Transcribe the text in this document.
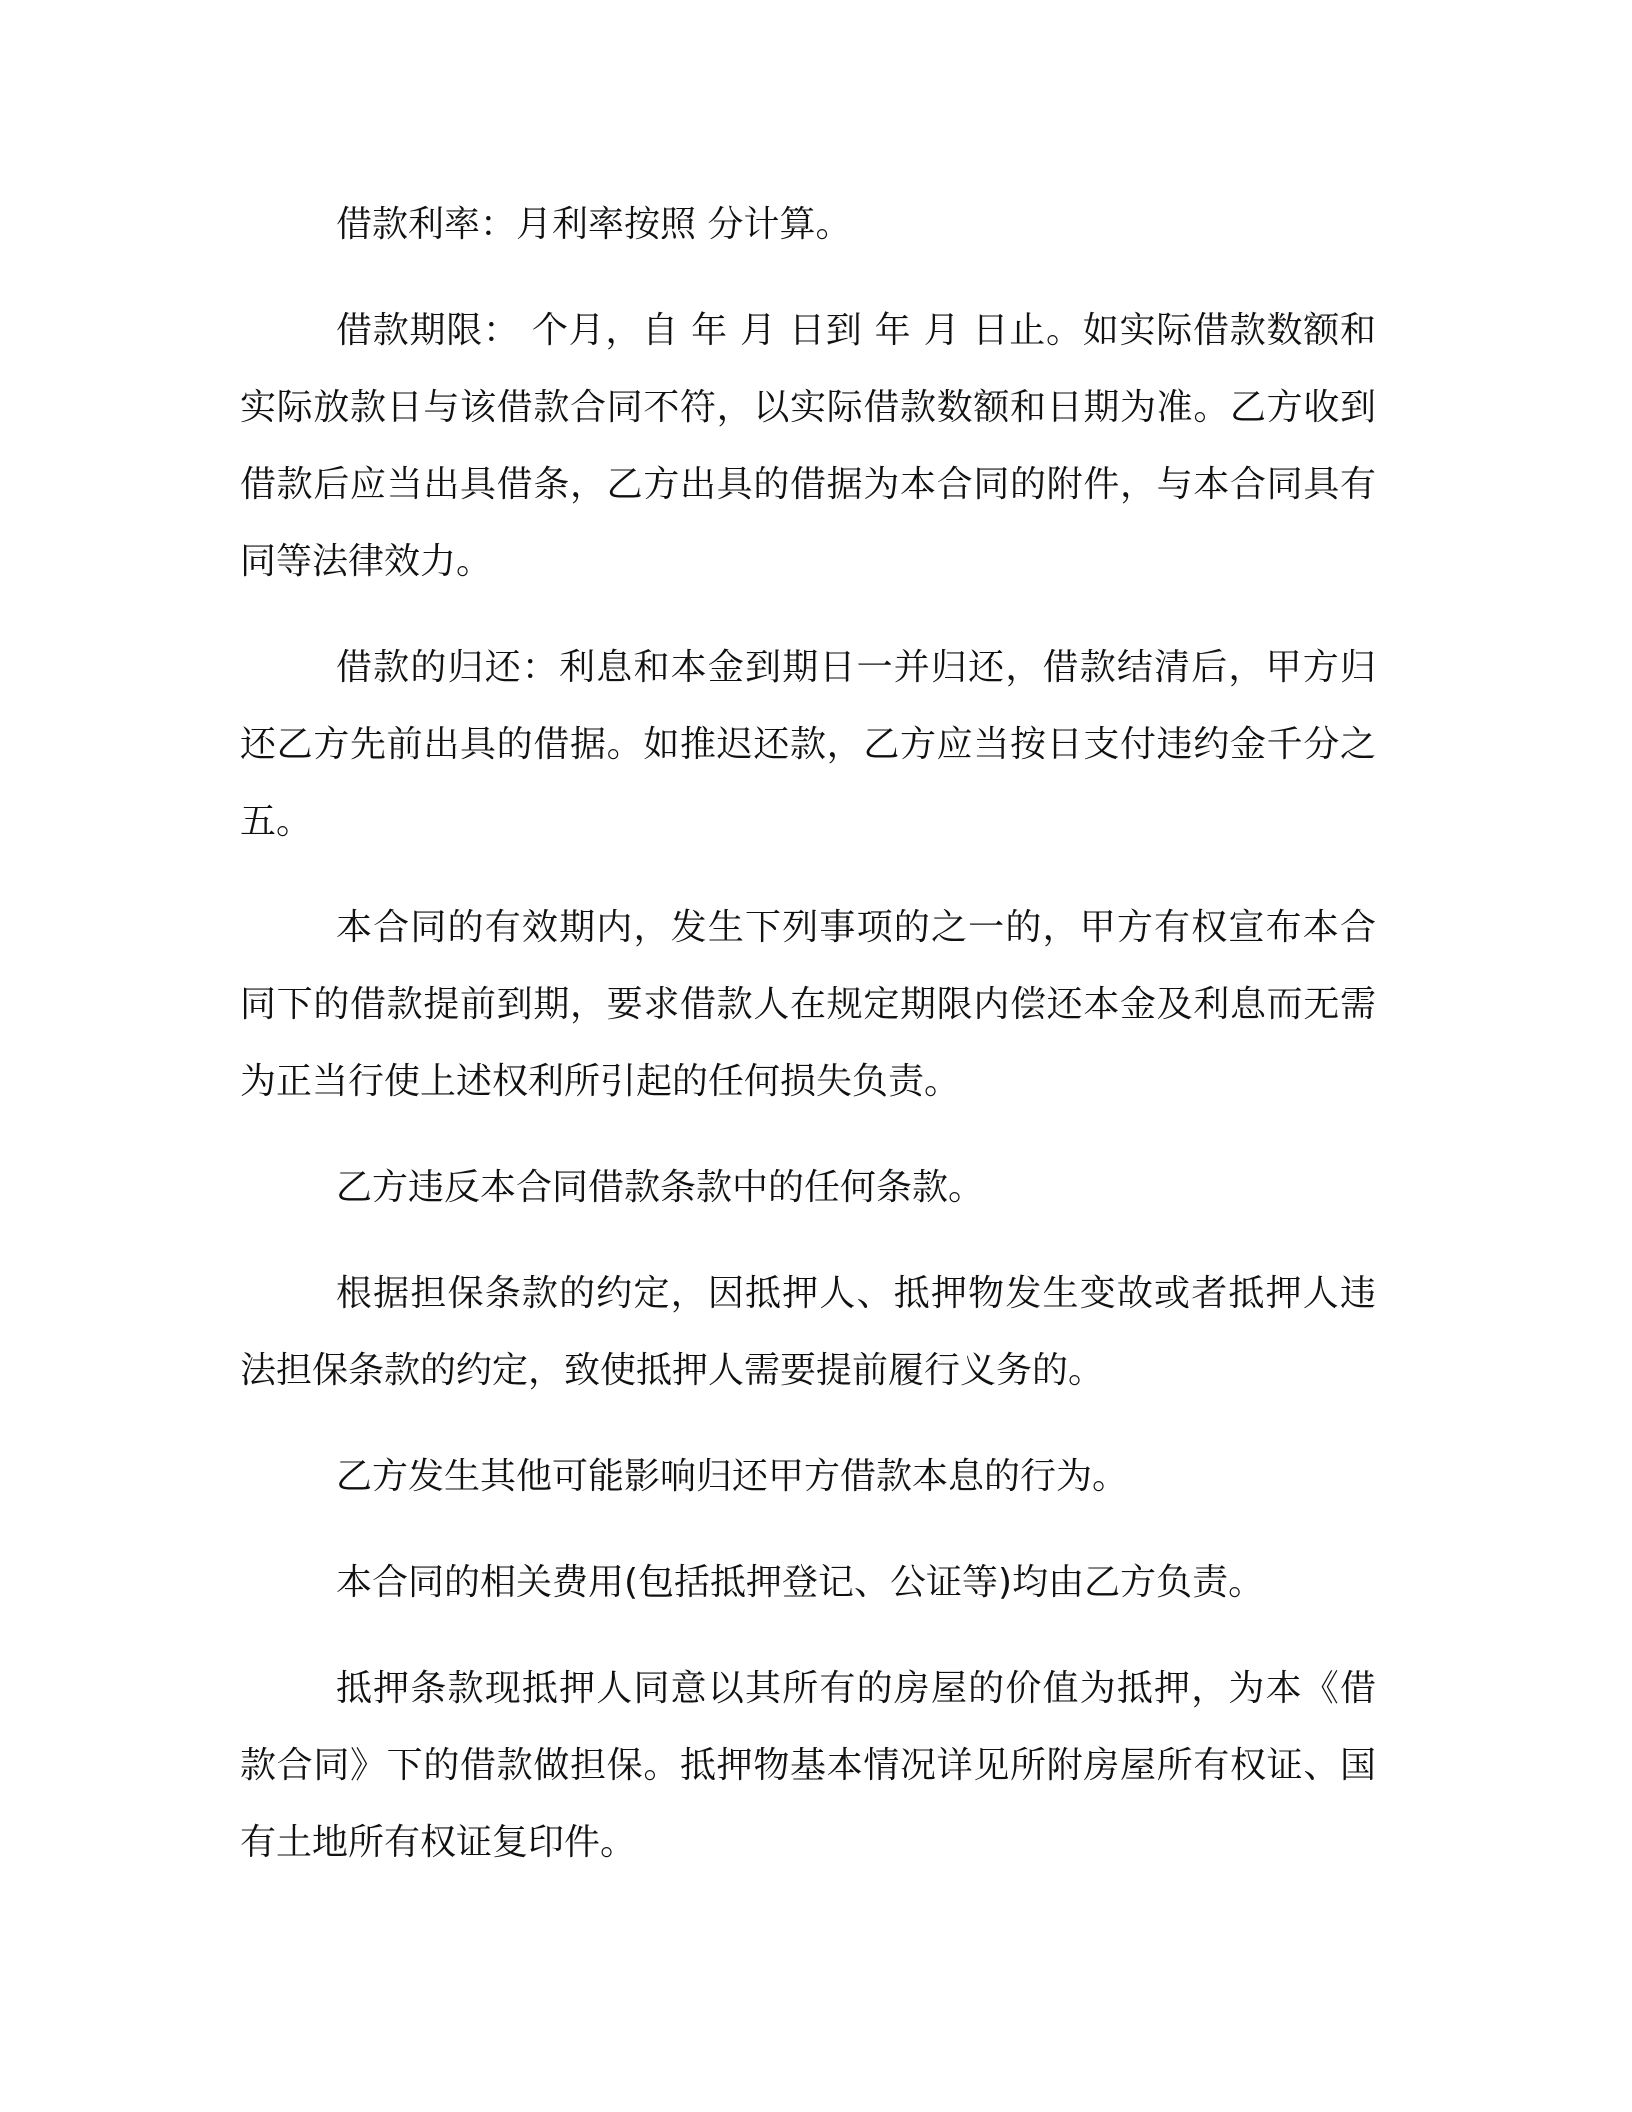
借款利率：月利率按照 分计算。

借款期限： 个月，自 年 月 日到 年 月 日止。如实际借款数额和实际放款日与该借款合同不符，以实际借款数额和日期为准。乙方收到借款后应当出具借条，乙方出具的借据为本合同的附件，与本合同具有同等法律效力。

借款的归还：利息和本金到期日一并归还，借款结清后，甲方归还乙方先前出具的借据。如推迟还款，乙方应当按日支付违约金千分之五。

本合同的有效期内，发生下列事项的之一的，甲方有权宣布本合同下的借款提前到期，要求借款人在规定期限内偿还本金及利息而无需为正当行使上述权利所引起的任何损失负责。

乙方违反本合同借款条款中的任何条款。

根据担保条款的约定，因抵押人、抵押物发生变故或者抵押人违法担保条款的约定，致使抵押人需要提前履行义务的。

乙方发生其他可能影响归还甲方借款本息的行为。

本合同的相关费用(包括抵押登记、公证等)均由乙方负责。

抵押条款现抵押人同意以其所有的房屋的价值为抵押，为本《借款合同》下的借款做担保。抵押物基本情况详见所附房屋所有权证、国有土地所有权证复印件。
